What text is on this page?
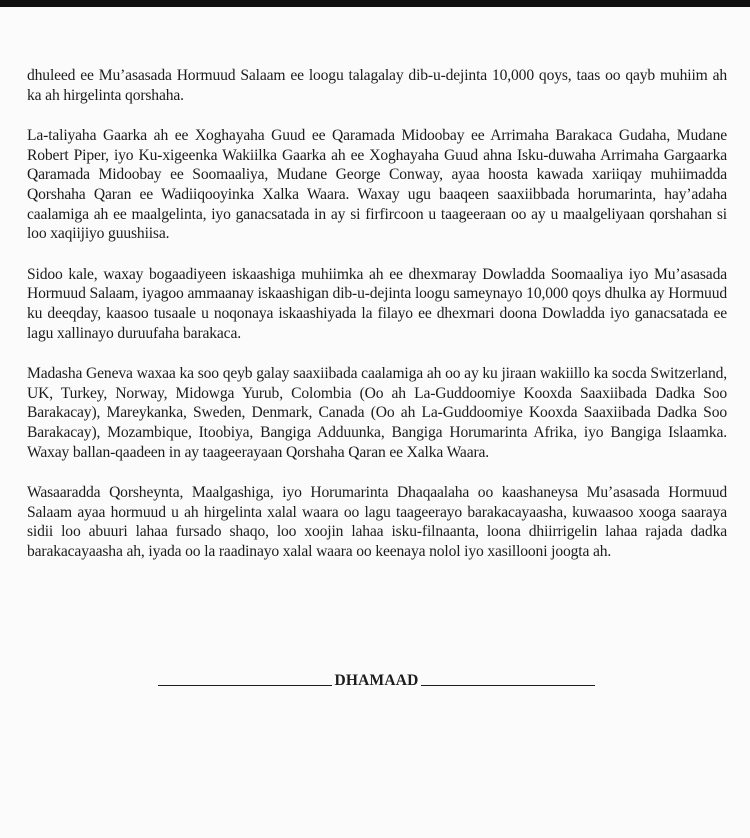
dhuleed ee Mu’asasada Hormuud Salaam ee loogu talagalay dib-u-dejinta 10,000 qoys, taas oo qayb muhiim ah ka ah hirgelinta qorshaha.

La-taliyaha Gaarka ah ee Xoghayaha Guud ee Qaramada Midoobay ee Arrimaha Barakaca Gudaha, Mudane Robert Piper, iyo Ku-xigeenka Wakiilka Gaarka ah ee Xoghayaha Guud ahna Isku-duwaha Arrimaha Gargaarka Qaramada Midoobay ee Soomaaliya, Mudane George Conway, ayaa hoosta kawada xariiqay muhiimadda Qorshaha Qaran ee Wadiiqooyinka Xalka Waara. Waxay ugu baaqeen saaxiibbada horumarinta, hay’adaha caalamiga ah ee maalgelinta, iyo ganacsatada in ay si firfircoon u taageeraan oo ay u maalgeliyaan qorshahan si loo xaqiijiyo guushiisa.

Sidoo kale, waxay bogaadiyeen iskaashiga muhiimka ah ee dhexmaray Dowladda Soomaaliya iyo Mu’asasada Hormuud Salaam, iyagoo ammaanay iskaashigan dib-u-dejinta loogu sameynayo 10,000 qoys dhulka ay Hormuud ku deeqday, kaasoo tusaale u noqonaya iskaashiyada la filayo ee dhexmari doona Dowladda iyo ganacsatada ee lagu xallinayo duruufaha barakaca.

Madasha Geneva waxaa ka soo qeyb galay saaxiibada caalamiga ah oo ay ku jiraan wakiillo ka socda Switzerland, UK, Turkey, Norway, Midowga Yurub, Colombia (Oo ah La-Guddoomiye Kooxda Saaxiibada Dadka Soo Barakacay), Mareykanka, Sweden, Denmark, Canada (Oo ah La-Guddoomiye Kooxda Saaxiibada Dadka Soo Barakacay), Mozambique, Itoobiya, Bangiga Adduunka, Bangiga Horumarinta Afrika, iyo Bangiga Islaamka. Waxay ballan-qaadeen in ay taageerayaan Qorshaha Qaran ee Xalka Waara.

Wasaaradda Qorsheynta, Maalgashiga, iyo Horumarinta Dhaqaalaha oo kaashaneysa Mu’asasada Hormuud Salaam ayaa hormuud u ah hirgelinta xalal waara oo lagu taageerayo barakacayaasha, kuwaasoo xooga saaraya sidii loo abuuri lahaa fursado shaqo, loo xoojin lahaa isku-filnaanta, loona dhiirrigelin lahaa rajada dadka barakacayaasha ah, iyada oo la raadinayo xalal waara oo keenaya nolol iyo xasillooni joogta ah.

DHAMAAD
